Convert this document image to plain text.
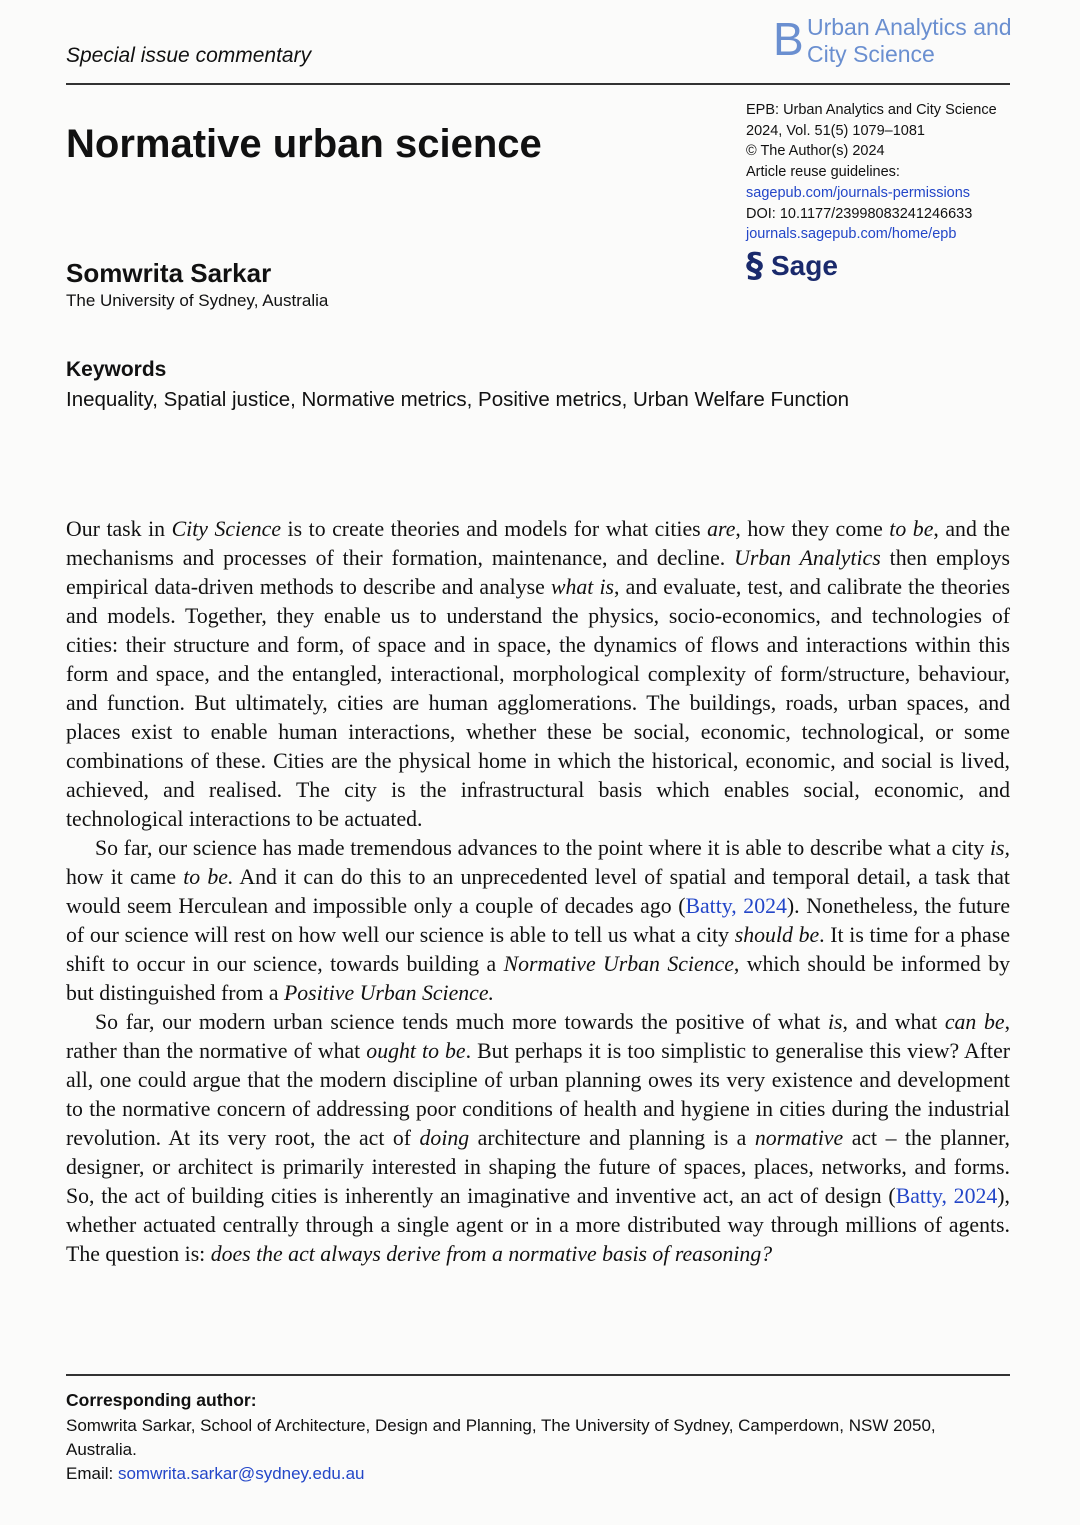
Special issue commentary	B Urban Analytics and
City Science
Normative urban science
EPB: Urban Analytics and City Science
2024, Vol. 51(5) 1079–1081
© The Author(s) 2024
Article reuse guidelines:
sagepub.com/journals-permissions
DOI: 10.1177/23998083241246633
journals.sagepub.com/home/epb
§ Sage
Somwrita Sarkar
The University of Sydney, Australia
Keywords
Inequality, Spatial justice, Normative metrics, Positive metrics, Urban Welfare Function

Our task in City Science is to create theories and models for what cities are, how they come to be, and the mechanisms and processes of their formation, maintenance, and decline. Urban Analytics then employs empirical data-driven methods to describe and analyse what is, and evaluate, test, and calibrate the theories and models. Together, they enable us to understand the physics, socio-economics, and technologies of cities: their structure and form, of space and in space, the dynamics of flows and interactions within this form and space, and the entangled, interactional, morphological complexity of form/structure, behaviour, and function. But ultimately, cities are human agglomerations. The buildings, roads, urban spaces, and places exist to enable human interactions, whether these be social, economic, technological, or some combinations of these. Cities are the physical home in which the historical, economic, and social is lived, achieved, and realised. The city is the infrastructural basis which enables social, economic, and technological interactions to be actuated.

So far, our science has made tremendous advances to the point where it is able to describe what a city is, how it came to be. And it can do this to an unprecedented level of spatial and temporal detail, a task that would seem Herculean and impossible only a couple of decades ago (Batty, 2024). Nonetheless, the future of our science will rest on how well our science is able to tell us what a city should be. It is time for a phase shift to occur in our science, towards building a Normative Urban Science, which should be informed by but distinguished from a Positive Urban Science.

So far, our modern urban science tends much more towards the positive of what is, and what can be, rather than the normative of what ought to be. But perhaps it is too simplistic to generalise this view? After all, one could argue that the modern discipline of urban planning owes its very existence and development to the normative concern of addressing poor conditions of health and hygiene in cities during the industrial revolution. At its very root, the act of doing architecture and planning is a normative act – the planner, designer, or architect is primarily interested in shaping the future of spaces, places, networks, and forms. So, the act of building cities is inherently an imaginative and inventive act, an act of design (Batty, 2024), whether actuated centrally through a single agent or in a more distributed way through millions of agents. The question is: does the act always derive from a normative basis of reasoning?

Corresponding author:
Somwrita Sarkar, School of Architecture, Design and Planning, The University of Sydney, Camperdown, NSW 2050, Australia.
Email: somwrita.sarkar@sydney.edu.au
